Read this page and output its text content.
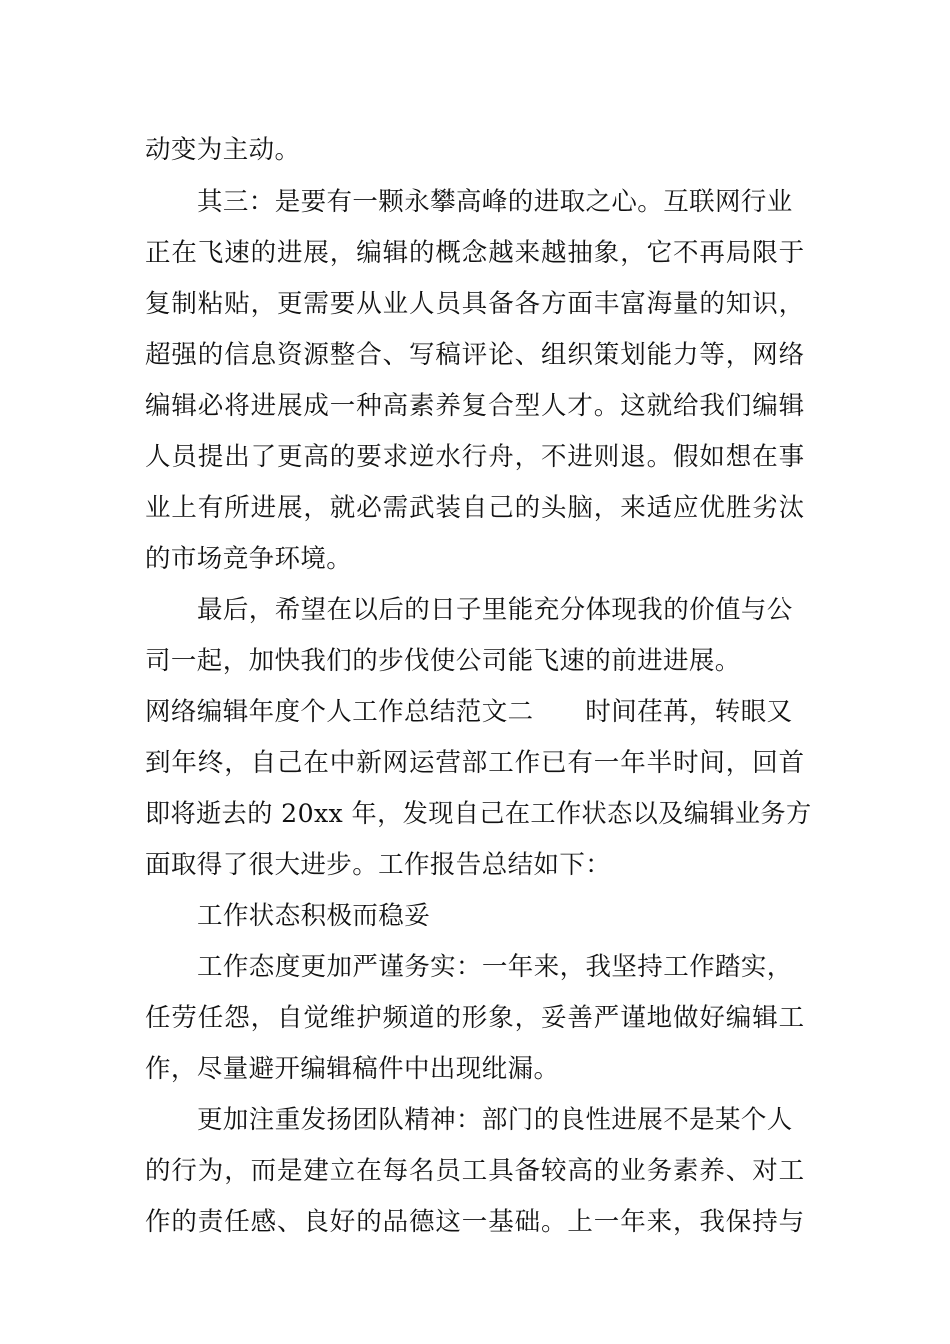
动变为主动。
其三：是要有一颗永攀高峰的进取之心。互联网行业
正在飞速的进展，编辑的概念越来越抽象，它不再局限于
复制粘贴，更需要从业人员具备各方面丰富海量的知识，
超强的信息资源整合、写稿评论、组织策划能力等，网络
编辑必将进展成一种高素养复合型人才。这就给我们编辑
人员提出了更高的要求逆水行舟，不进则退。假如想在事
业上有所进展，就必需武装自己的头脑，来适应优胜劣汰
的市场竞争环境。
最后，希望在以后的日子里能充分体现我的价值与公
司一起，加快我们的步伐使公司能飞速的前进进展。
网络编辑年度个人工作总结范文二　　时间荏苒，转眼又
到年终，自己在中新网运营部工作已有一年半时间，回首
即将逝去的 20xx 年，发现自己在工作状态以及编辑业务方
面取得了很大进步。工作报告总结如下：
工作状态积极而稳妥
工作态度更加严谨务实：一年来，我坚持工作踏实，
任劳任怨，自觉维护频道的形象，妥善严谨地做好编辑工
作，尽量避开编辑稿件中出现纰漏。
更加注重发扬团队精神：部门的良性进展不是某个人
的行为，而是建立在每名员工具备较高的业务素养、对工
作的责任感、良好的品德这一基础。上一年来，我保持与
